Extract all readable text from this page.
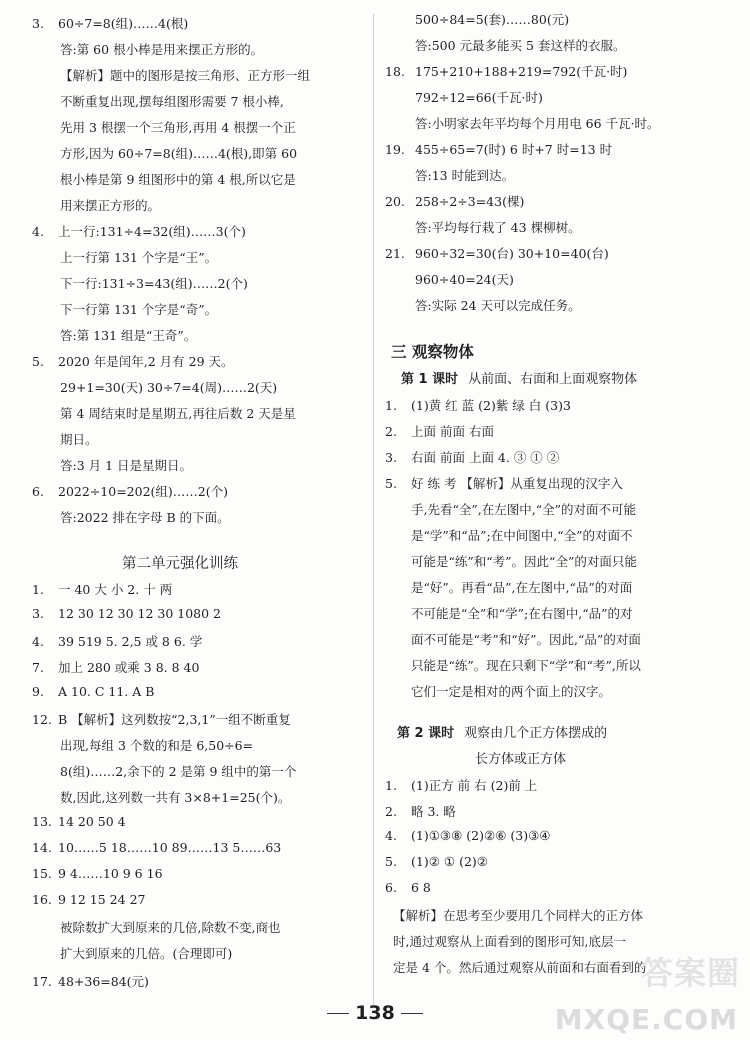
3. 60÷7=8(组)……4(根)
答:第 60 根小棒是用来摆正方形的。
【解析】题中的图形是按三角形、正方形一组
不断重复出现,摆每组图形需要 7 根小棒,
先用 3 根摆一个三角形,再用 4 根摆一个正
方形,因为 60÷7=8(组)……4(根),即第 60
根小棒是第 9 组图形中的第 4 根,所以它是
用来摆正方形的。
4. 上一行:131÷4=32(组)……3(个)
上一行第 131 个字是“王”。
下一行:131÷3=43(组)……2(个)
下一行第 131 个字是“奇”。
答:第 131 组是“王奇”。
5. 2020 年是闰年,2 月有 29 天。
29+1=30(天) 30÷7=4(周)……2(天)
第 4 周结束时是星期五,再往后数 2 天是星
期日。
答:3 月 1 日是星期日。
6. 2022÷10=202(组)……2(个)
答:2022 排在字母 B 的下面。
第二单元强化训练
1. 一 40 大 小 2. 十 两
3. 12 30 12 30 12 30 1080 2
4. 39 519 5. 2,5 或 8 6. 学
7. 加上 280 或乘 3 8. 8 40
9. A 10. C 11. A B
12. B 【解析】这列数按“2,3,1”一组不断重复
出现,每组 3 个数的和是 6,50÷6=
8(组)……2,余下的 2 是第 9 组中的第一个
数,因此,这列数一共有 3×8+1=25(个)。
13. 14 20 50 4
14. 10……5 18……10 89……13 5……63
15. 9 4……10 9 6 16
16. 9 12 15 24 27
被除数扩大到原来的几倍,除数不变,商也
扩大到原来的几倍。(合理即可)
17. 48+36=84(元)
500÷84=5(套)……80(元)
答:500 元最多能买 5 套这样的衣服。
18. 175+210+188+219=792(千瓦·时)
792÷12=66(千瓦·时)
答:小明家去年平均每个月用电 66 千瓦·时。
19. 455÷65=7(时) 6 时+7 时=13 时
答:13 时能到达。
20. 258÷2÷3=43(棵)
答:平均每行栽了 43 棵柳树。
21. 960÷32=30(台) 30+10=40(台)
960÷40=24(天)
答:实际 24 天可以完成任务。
三 观察物体
第 1 课时 从前面、右面和上面观察物体
1. (1)黄 红 蓝 (2)紫 绿 白 (3)3
2. 上面 前面 右面
3. 右面 前面 上面 4. ③ ① ②
5. 好 练 考 【解析】从重复出现的汉字入
手,先看“全”,在左图中,“全”的对面不可能
是“学”和“品”;在中间图中,“全”的对面不
可能是“练”和“考”。因此“全”的对面只能
是“好”。再看“品”,在左图中,“品”的对面
不可能是“全”和“学”;在右图中,“品”的对
面不可能是“考”和“好”。因此,“品”的对面
只能是“练”。现在只剩下“学”和“考”,所以
它们一定是相对的两个面上的汉字。
第 2 课时 观察由几个正方体摆成的
长方体或正方体
1. (1)正方 前 右 (2)前 上
2. 略 3. 略
4. (1)①③⑧ (2)②⑥ (3)③④
5. (1)② ① (2)②
6. 6 8
【解析】在思考至少要用几个同样大的正方体
时,通过观察从上面看到的图形可知,底层一
定是 4 个。然后通过观察从前面和右面看到的
138
答案圈
MXQE.COM
